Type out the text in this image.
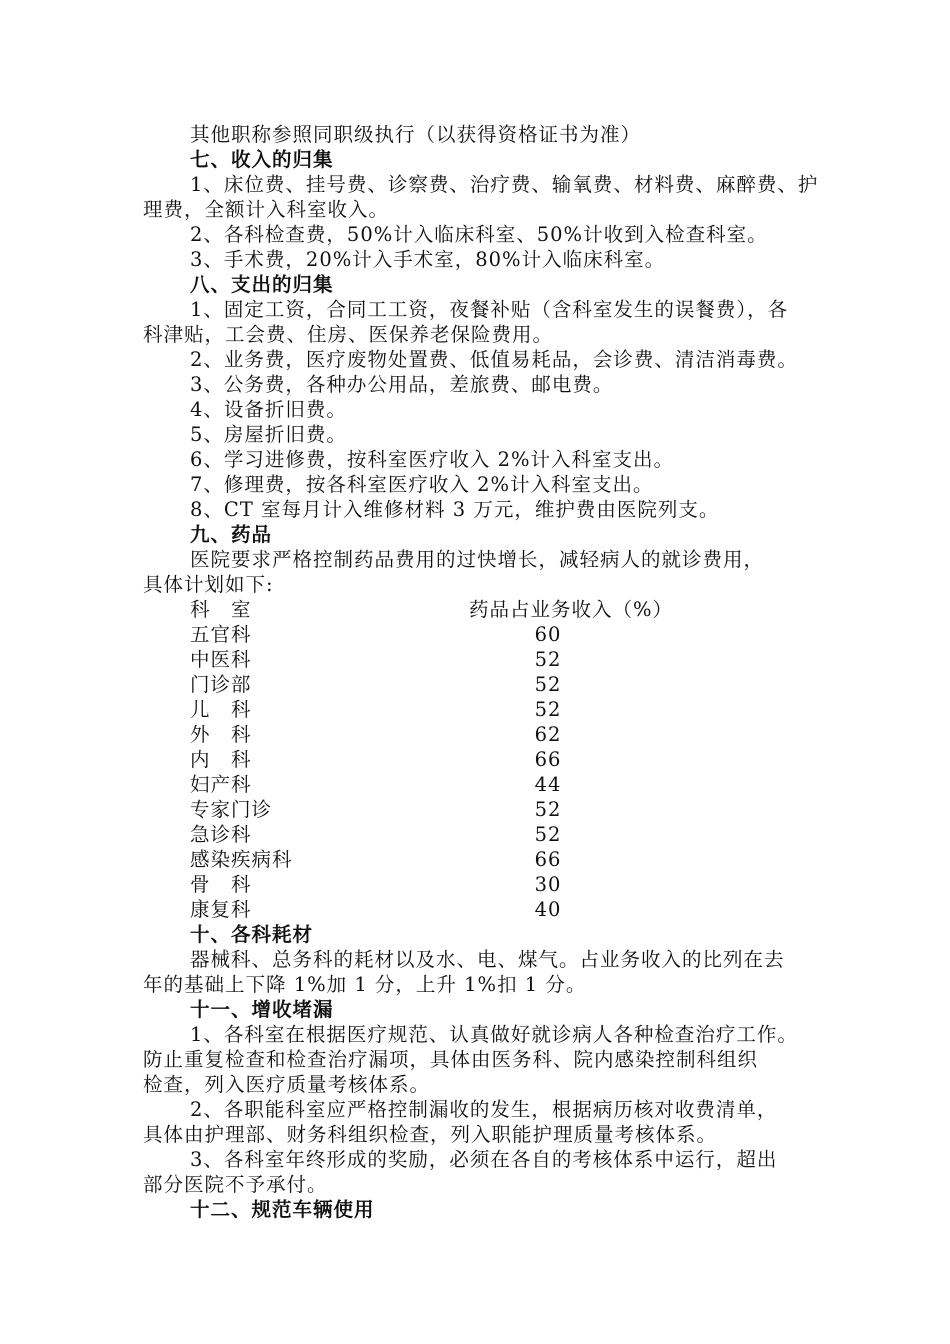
其他职称参照同职级执行（以获得资格证书为准）
七、收入的归集
1、床位费、挂号费、诊察费、治疗费、输氧费、材料费、麻醉费、护
理费，全额计入科室收入。
2、各科检查费，50%计入临床科室、50%计收到入检查科室。
3、手术费，20%计入手术室，80%计入临床科室。
八、支出的归集
1、固定工资，合同工工资，夜餐补贴（含科室发生的误餐费），各
科津贴，工会费、住房、医保养老保险费用。
2、业务费，医疗废物处置费、低值易耗品，会诊费、清洁消毒费。
3、公务费，各种办公用品，差旅费、邮电费。
4、设备折旧费。
5、房屋折旧费。
6、学习进修费，按科室医疗收入 2%计入科室支出。
7、修理费，按各科室医疗收入 2%计入科室支出。
8、CT 室每月计入维修材料 3 万元，维护费由医院列支。
九、药品
医院要求严格控制药品费用的过快增长，减轻病人的就诊费用，
具体计划如下:
科　室	药品占业务收入（%）
五官科	60
中医科	52
门诊部	52
儿　科	52
外　科	62
内　科	66
妇产科	44
专家门诊	52
急诊科	52
感染疾病科	66
骨　科	30
康复科	40
十、各科耗材
器械科、总务科的耗材以及水、电、煤气。占业务收入的比列在去
年的基础上下降 1%加 1 分，上升 1%扣 1 分。
十一、增收堵漏
1、各科室在根据医疗规范、认真做好就诊病人各种检查治疗工作。
防止重复检查和检查治疗漏项，具体由医务科、院内感染控制科组织
检查，列入医疗质量考核体系。
2、各职能科室应严格控制漏收的发生，根据病历核对收费清单，
具体由护理部、财务科组织检查，列入职能护理质量考核体系。
3、各科室年终形成的奖励，必须在各自的考核体系中运行，超出
部分医院不予承付。
十二、规范车辆使用
